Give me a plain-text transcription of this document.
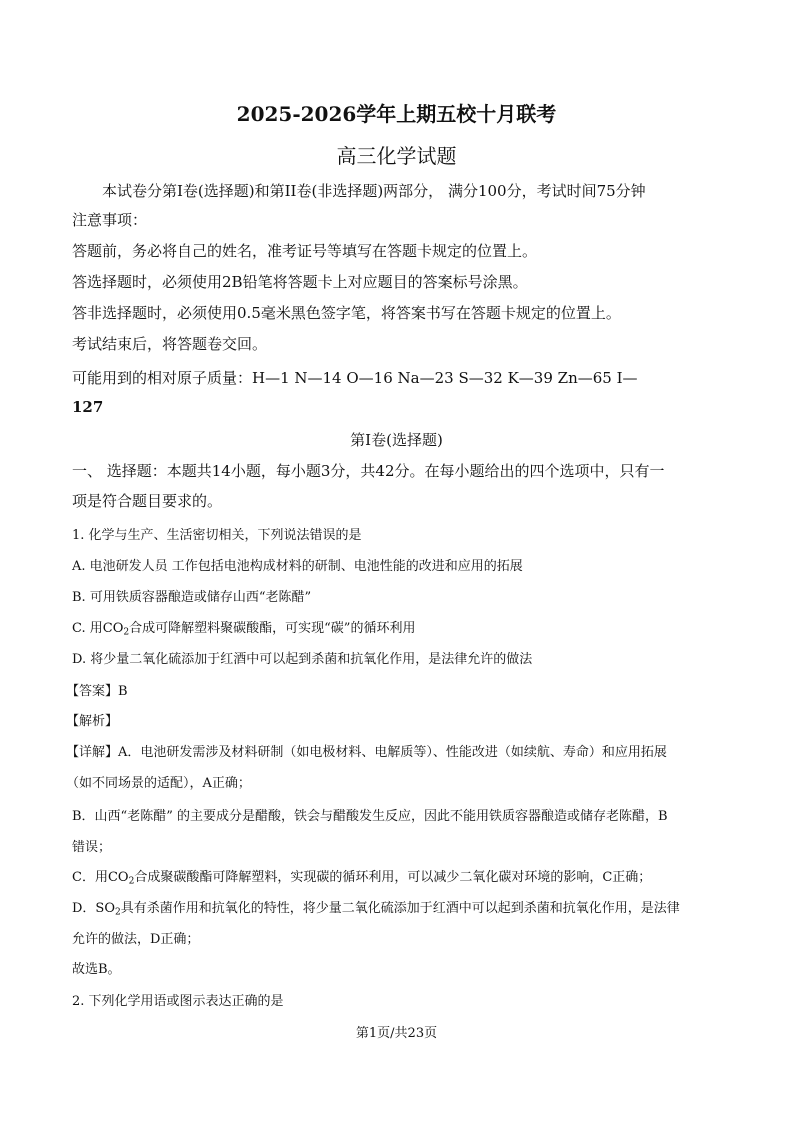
2025-2026学年上期五校十月联考
高三化学试题
本试卷分第I卷(选择题)和第II卷(非选择题)两部分， 满分100分，考试时间75分钟
注意事项：
答题前，务必将自己的姓名，准考证号等填写在答题卡规定的位置上。
答选择题时，必须使用2B铅笔将答题卡上对应题目的答案标号涂黑。
答非选择题时，必须使用0.5毫米黑色签字笔，将答案书写在答题卡规定的位置上。
考试结束后，将答题卷交回。
可能用到的相对原子质量：H—1 N—14 O—16 Na—23 S—32 K—39 Zn—65 I—
127
第I卷(选择题)
一、 选择题：本题共14小题，每小题3分，共42分。在每小题给出的四个选项中，只有一
项是符合题目要求的。
1. 化学与生产、生活密切相关，下列说法错误的是
A. 电池研发人员 工作包括电池构成材料的研制、电池性能的改进和应用的拓展
B. 可用铁质容器酿造或储存山西“老陈醋”
C. 用$CO_2$合成可降解塑料聚碳酸酯，可实现“碳”的循环利用
D. 将少量二氧化硫添加于红酒中可以起到杀菌和抗氧化作用，是法律允许的做法
【答案】B
【解析】
【详解】A．电池研发需涉及材料研制（如电极材料、电解质等）、性能改进（如续航、寿命）和应用拓展
（如不同场景的适配），A正确；
B．山西“老陈醋” 的主要成分是醋酸，铁会与醋酸发生反应，因此不能用铁质容器酿造或储存老陈醋，B
错误；
C．用$CO_2$合成聚碳酸酯可降解塑料，实现碳的循环利用，可以减少二氧化碳对环境的影响，C正确；
D．$SO_2$具有杀菌作用和抗氧化的特性，将少量二氧化硫添加于红酒中可以起到杀菌和抗氧化作用，是法律
允许的做法，D正确；
故选B。
2. 下列化学用语或图示表达正确的是
第1页/共23页
